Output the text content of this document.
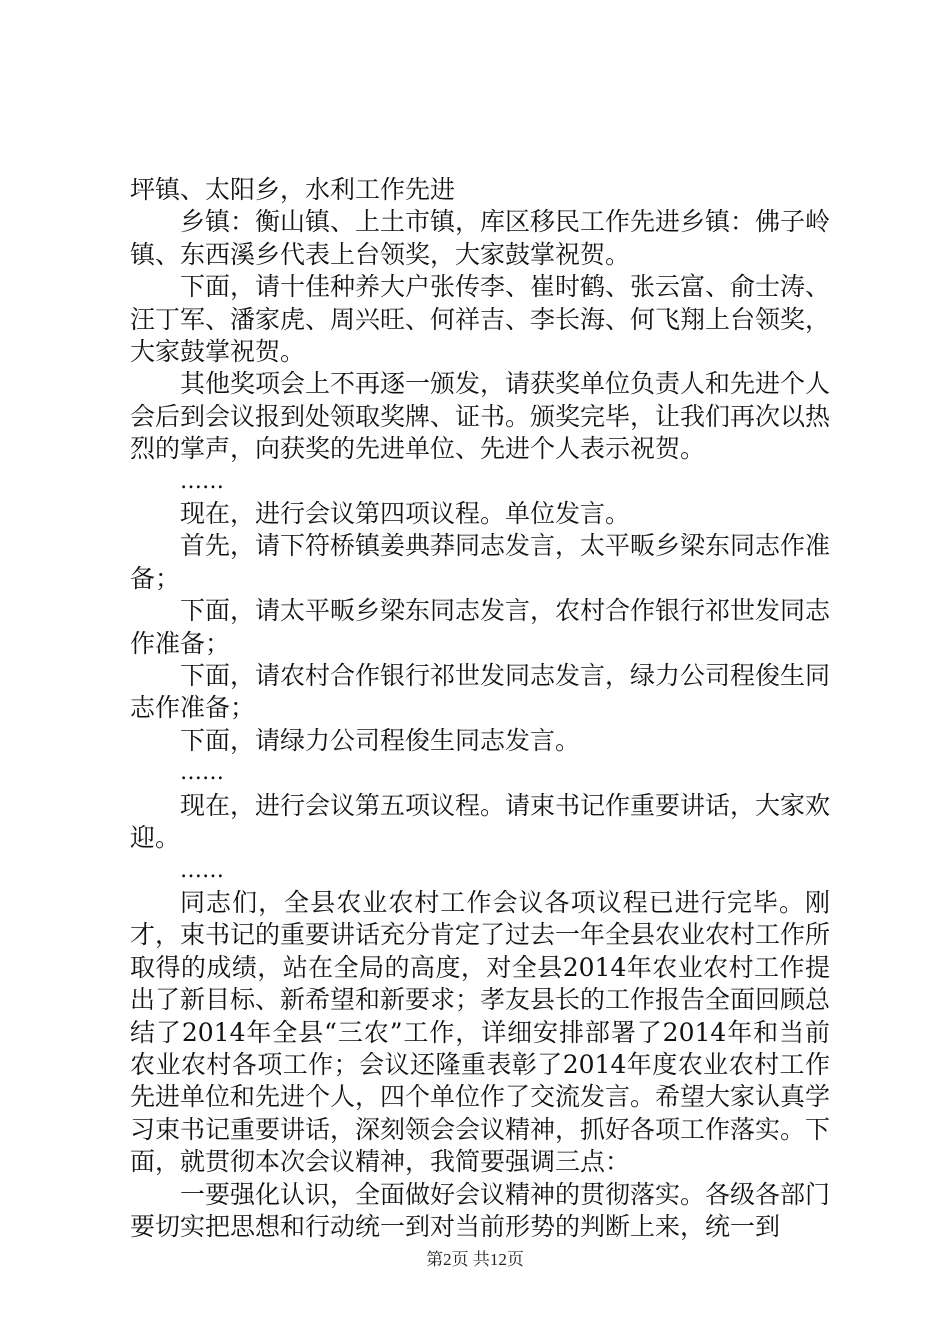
坪镇、太阳乡，水利工作先进

乡镇：衡山镇、上土市镇，库区移民工作先进乡镇：佛子岭镇、东西溪乡代表上台领奖，大家鼓掌祝贺。

下面，请十佳种养大户张传李、崔时鹤、张云富、俞士涛、汪丁军、潘家虎、周兴旺、何祥吉、李长海、何飞翔上台领奖，大家鼓掌祝贺。

其他奖项会上不再逐一颁发，请获奖单位负责人和先进个人会后到会议报到处领取奖牌、证书。颁奖完毕，让我们再次以热烈的掌声，向获奖的先进单位、先进个人表示祝贺。

……

现在，进行会议第四项议程。单位发言。

首先，请下符桥镇姜典莽同志发言，太平畈乡梁东同志作准备；

下面，请太平畈乡梁东同志发言，农村合作银行祁世发同志作准备；

下面，请农村合作银行祁世发同志发言，绿力公司程俊生同志作准备；

下面，请绿力公司程俊生同志发言。

……

现在，进行会议第五项议程。请束书记作重要讲话，大家欢迎。

……

同志们，全县农业农村工作会议各项议程已进行完毕。刚才，束书记的重要讲话充分肯定了过去一年全县农业农村工作所取得的成绩，站在全局的高度，对全县2014年农业农村工作提出了新目标、新希望和新要求；孝友县长的工作报告全面回顾总结了2014年全县“三农”工作，详细安排部署了2014年和当前农业农村各项工作；会议还隆重表彰了2014年度农业农村工作先进单位和先进个人，四个单位作了交流发言。希望大家认真学习束书记重要讲话，深刻领会会议精神，抓好各项工作落实。下面，就贯彻本次会议精神，我简要强调三点：

一要强化认识，全面做好会议精神的贯彻落实。各级各部门要切实把思想和行动统一到对当前形势的判断上来，统一到

第2页 共12页
